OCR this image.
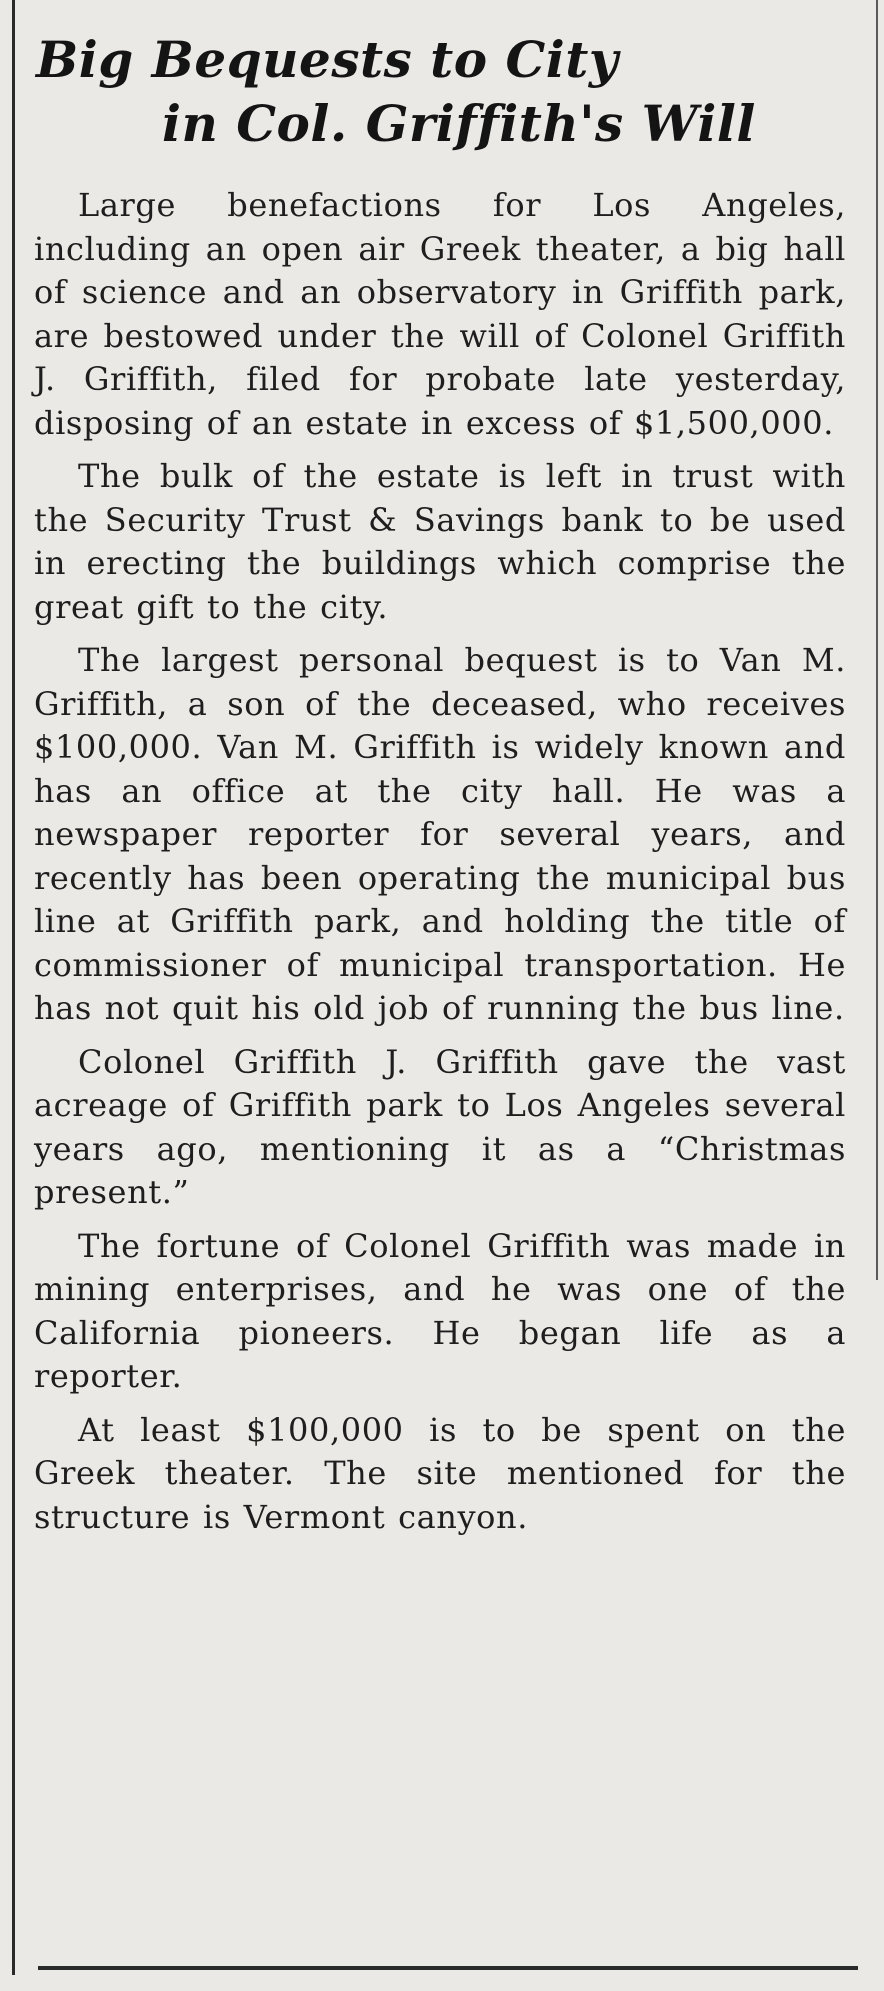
Big Bequests to City
in Col. Griffith's Will

Large benefactions for Los Angeles, including an open air Greek theater, a big hall of science and an observatory in Griffith park, are bestowed under the will of Colonel Griffith J. Griffith, filed for probate late yesterday, disposing of an estate in excess of $1,500,000.

The bulk of the estate is left in trust with the Security Trust & Savings bank to be used in erecting the buildings which comprise the great gift to the city.

The largest personal bequest is to Van M. Griffith, a son of the deceased, who receives $100,000. Van M. Griffith is widely known and has an office at the city hall. He was a newspaper reporter for several years, and recently has been operating the municipal bus line at Griffith park, and holding the title of commissioner of municipal transportation. He has not quit his old job of running the bus line.

Colonel Griffith J. Griffith gave the vast acreage of Griffith park to Los Angeles several years ago, mentioning it as a “Christmas present.”

The fortune of Colonel Griffith was made in mining enterprises, and he was one of the California pioneers. He began life as a reporter.

At least $100,000 is to be spent on the Greek theater. The site mentioned for the structure is Vermont canyon.
